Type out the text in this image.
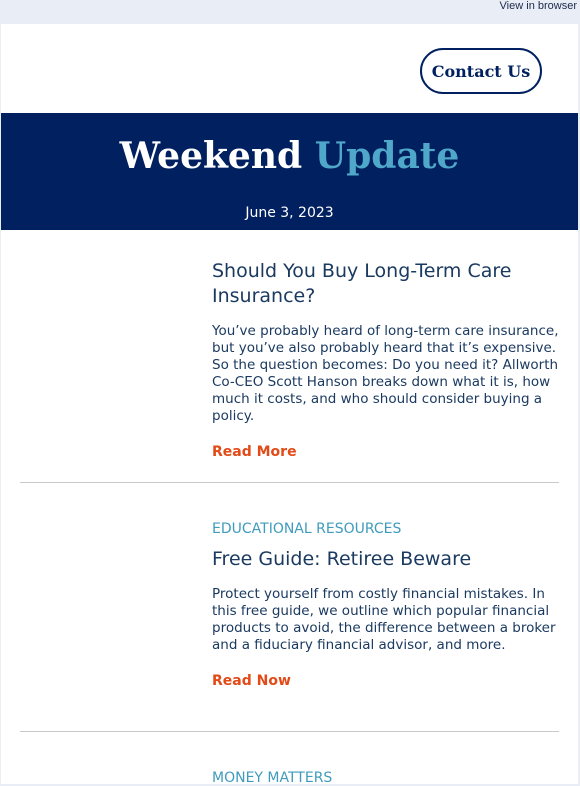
View in browser
Contact Us
Weekend Update
June 3, 2023
Should You Buy Long-Term Care Insurance?

You’ve probably heard of long-term care insurance, but you’ve also probably heard that it’s expensive. So the question becomes: Do you need it? Allworth Co-CEO Scott Hanson breaks down what it is, how much it costs, and who should consider buying a policy.

Read More
EDUCATIONAL RESOURCES
Free Guide: Retiree Beware

Protect yourself from costly financial mistakes. In this free guide, we outline which popular financial products to avoid, the difference between a broker and a fiduciary financial advisor, and more.

Read Now
MONEY MATTERS
